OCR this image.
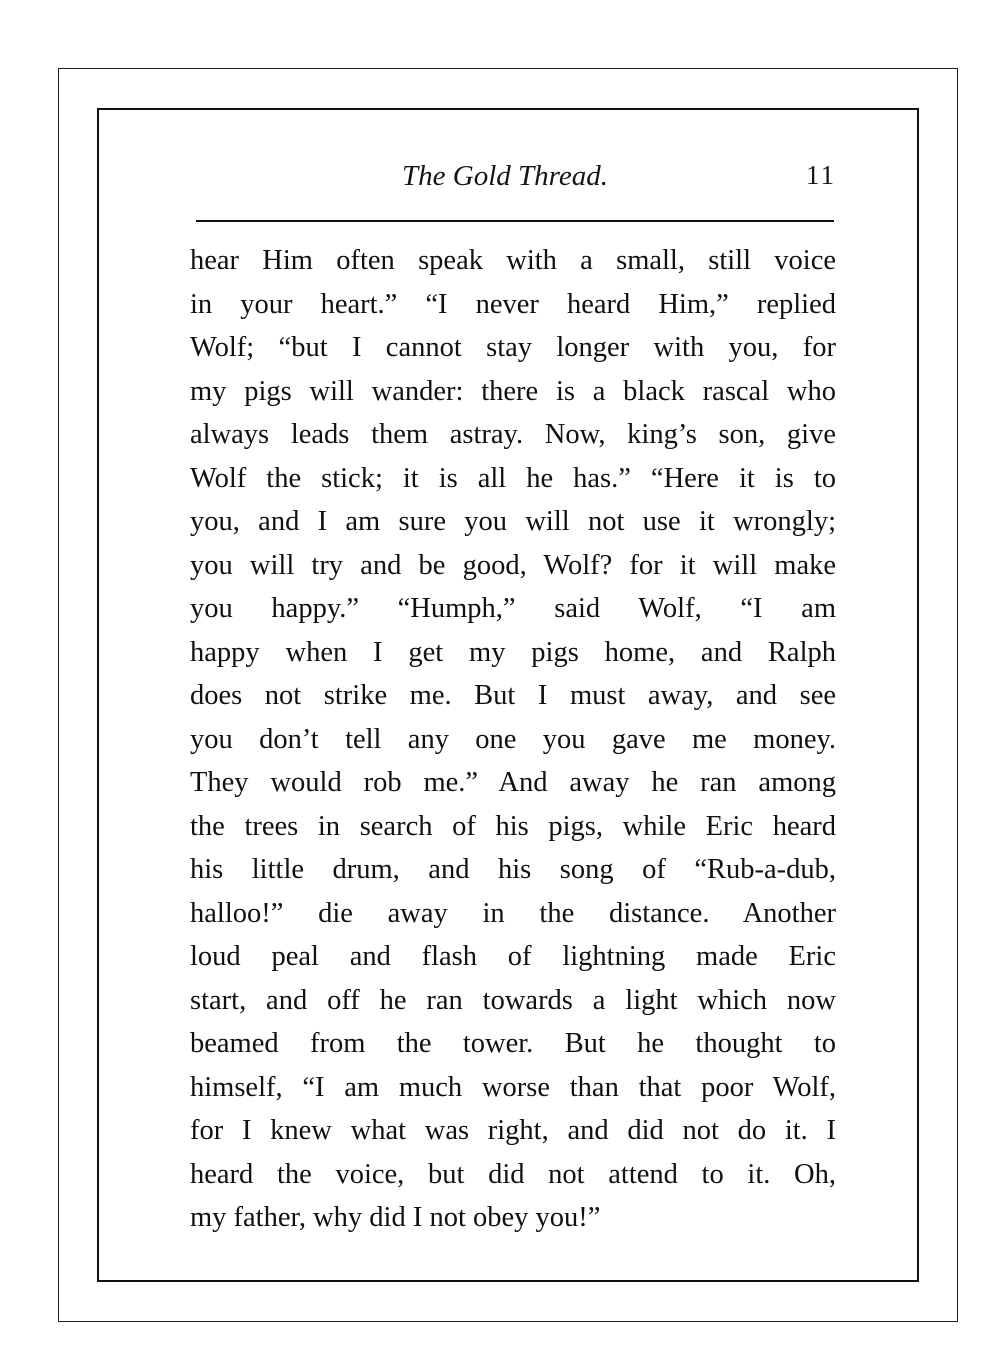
The Gold Thread.	11
hear Him often speak with a small, still voice
in your heart.” “I never heard Him,” replied
Wolf; “but I cannot stay longer with you, for
my pigs will wander: there is a black rascal who
always leads them astray. Now, king’s son, give
Wolf the stick; it is all he has.” “Here it is to
you, and I am sure you will not use it wrongly;
you will try and be good, Wolf? for it will make
you happy.” “Humph,” said Wolf, “I am
happy when I get my pigs home, and Ralph
does not strike me. But I must away, and see
you don’t tell any one you gave me money.
They would rob me.” And away he ran among
the trees in search of his pigs, while Eric heard
his little drum, and his song of “Rub-a-dub,
halloo!” die away in the distance. Another
loud peal and flash of lightning made Eric
start, and off he ran towards a light which now
beamed from the tower. But he thought to
himself, “I am much worse than that poor Wolf,
for I knew what was right, and did not do it. I
heard the voice, but did not attend to it. Oh,
my father, why did I not obey you!”
